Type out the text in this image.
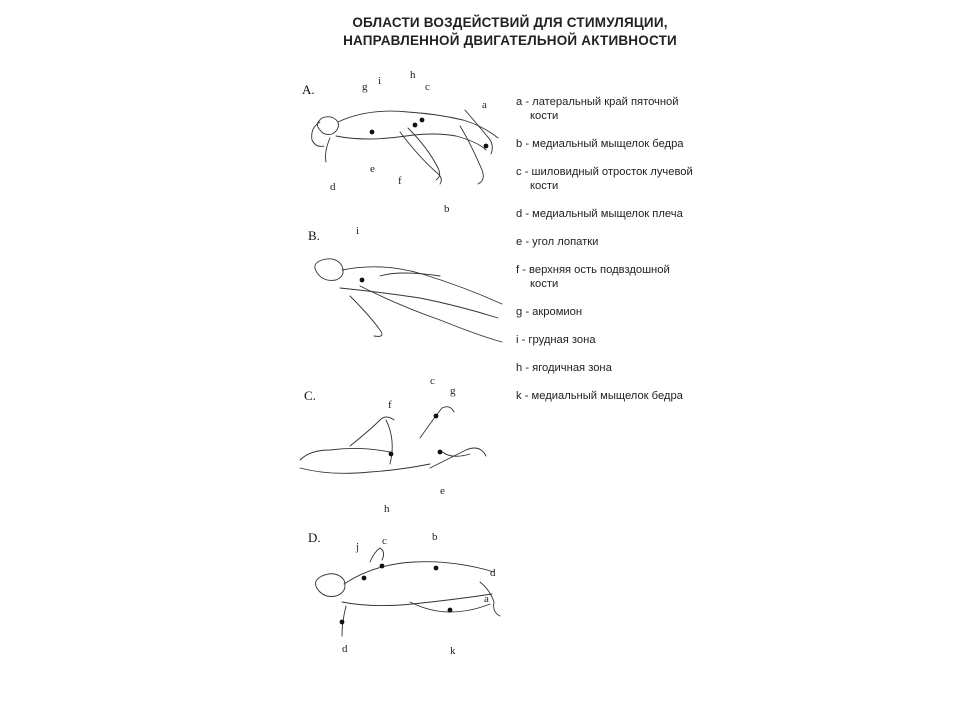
ОБЛАСТИ ВОЗДЕЙСТВИЙ ДЛЯ СТИМУЛЯЦИИ,
НАПРАВЛЕННОЙ ДВИГАТЕЛЬНОЙ АКТИВНОСТИ
A.	g i	h
c
a
d
e
f
b
B.	i
C.
c
g
f
e
h
D.
j c	b
d
a
d	k
a - латеральный край пяточной
кости
b - медиальный мыщелок бедра
c - шиловидный отросток лучевой
кости
d - медиальный мыщелок плеча
e - угол лопатки
f - верхняя ость подвздошной
кости
g - акромион
i - грудная зона
h - ягодичная зона
k - медиальный мыщелок бедра
